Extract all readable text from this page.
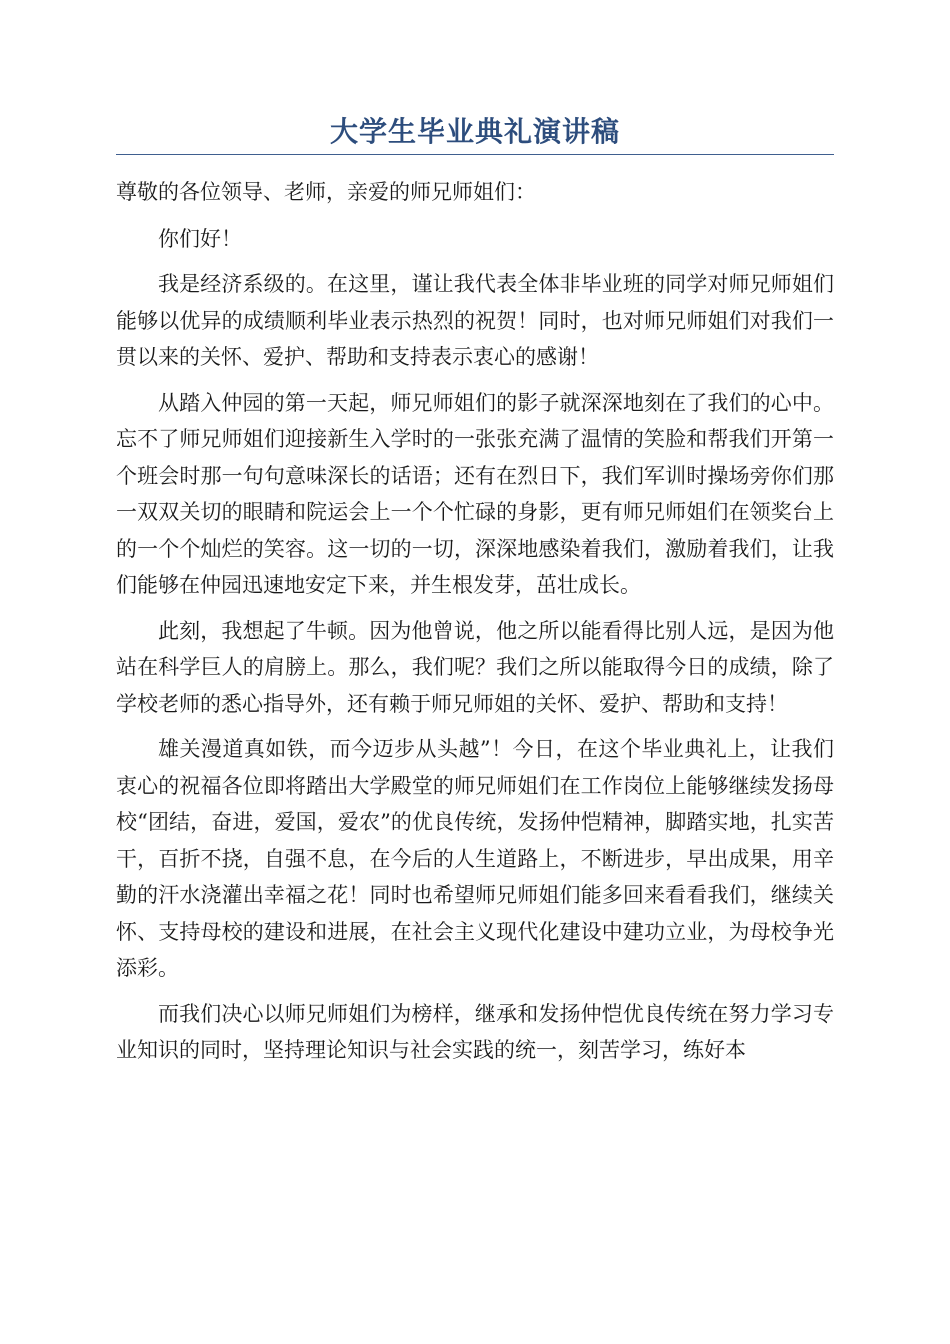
大学生毕业典礼演讲稿

尊敬的各位领导、老师，亲爱的师兄师姐们：

你们好！

我是经济系级的。在这里，谨让我代表全体非毕业班的同学对师兄师姐们能够以优异的成绩顺利毕业表示热烈的祝贺！同时，也对师兄师姐们对我们一贯以来的关怀、爱护、帮助和支持表示衷心的感谢！

从踏入仲园的第一天起，师兄师姐们的影子就深深地刻在了我们的心中。忘不了师兄师姐们迎接新生入学时的一张张充满了温情的笑脸和帮我们开第一个班会时那一句句意味深长的话语；还有在烈日下，我们军训时操场旁你们那一双双关切的眼睛和院运会上一个个忙碌的身影，更有师兄师姐们在领奖台上的一个个灿烂的笑容。这一切的一切，深深地感染着我们，激励着我们，让我们能够在仲园迅速地安定下来，并生根发芽，茁壮成长。

此刻，我想起了牛顿。因为他曾说，他之所以能看得比别人远，是因为他站在科学巨人的肩膀上。那么，我们呢？我们之所以能取得今日的成绩，除了学校老师的悉心指导外，还有赖于师兄师姐的关怀、爱护、帮助和支持！

雄关漫道真如铁，而今迈步从头越”！今日，在这个毕业典礼上，让我们衷心的祝福各位即将踏出大学殿堂的师兄师姐们在工作岗位上能够继续发扬母校“团结，奋进，爱国，爱农”的优良传统，发扬仲恺精神，脚踏实地，扎实苦干，百折不挠，自强不息，在今后的人生道路上，不断进步，早出成果，用辛勤的汗水浇灌出幸福之花！同时也希望师兄师姐们能多回来看看我们，继续关怀、支持母校的建设和进展，在社会主义现代化建设中建功立业，为母校争光添彩。

而我们决心以师兄师姐们为榜样，继承和发扬仲恺优良传统在努力学习专业知识的同时，坚持理论知识与社会实践的统一，刻苦学习，练好本
